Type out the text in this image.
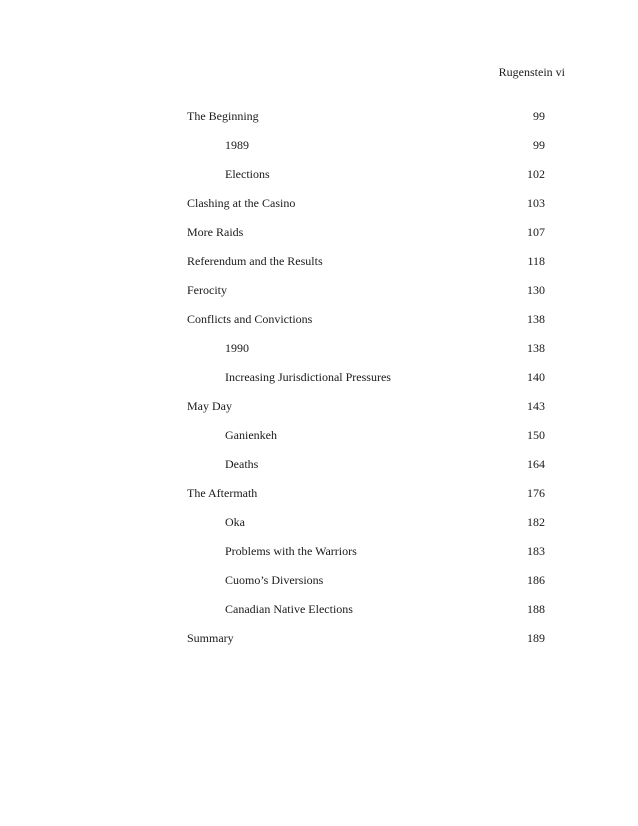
Rugenstein vi
The Beginning	99
1989	99
Elections	102
Clashing at the Casino	103
More Raids	107
Referendum and the Results	118
Ferocity	130
Conflicts and Convictions	138
1990	138
Increasing Jurisdictional Pressures	140
May Day	143
Ganienkeh	150
Deaths	164
The Aftermath	176
Oka	182
Problems with the Warriors	183
Cuomo’s Diversions	186
Canadian Native Elections	188
Summary	189
